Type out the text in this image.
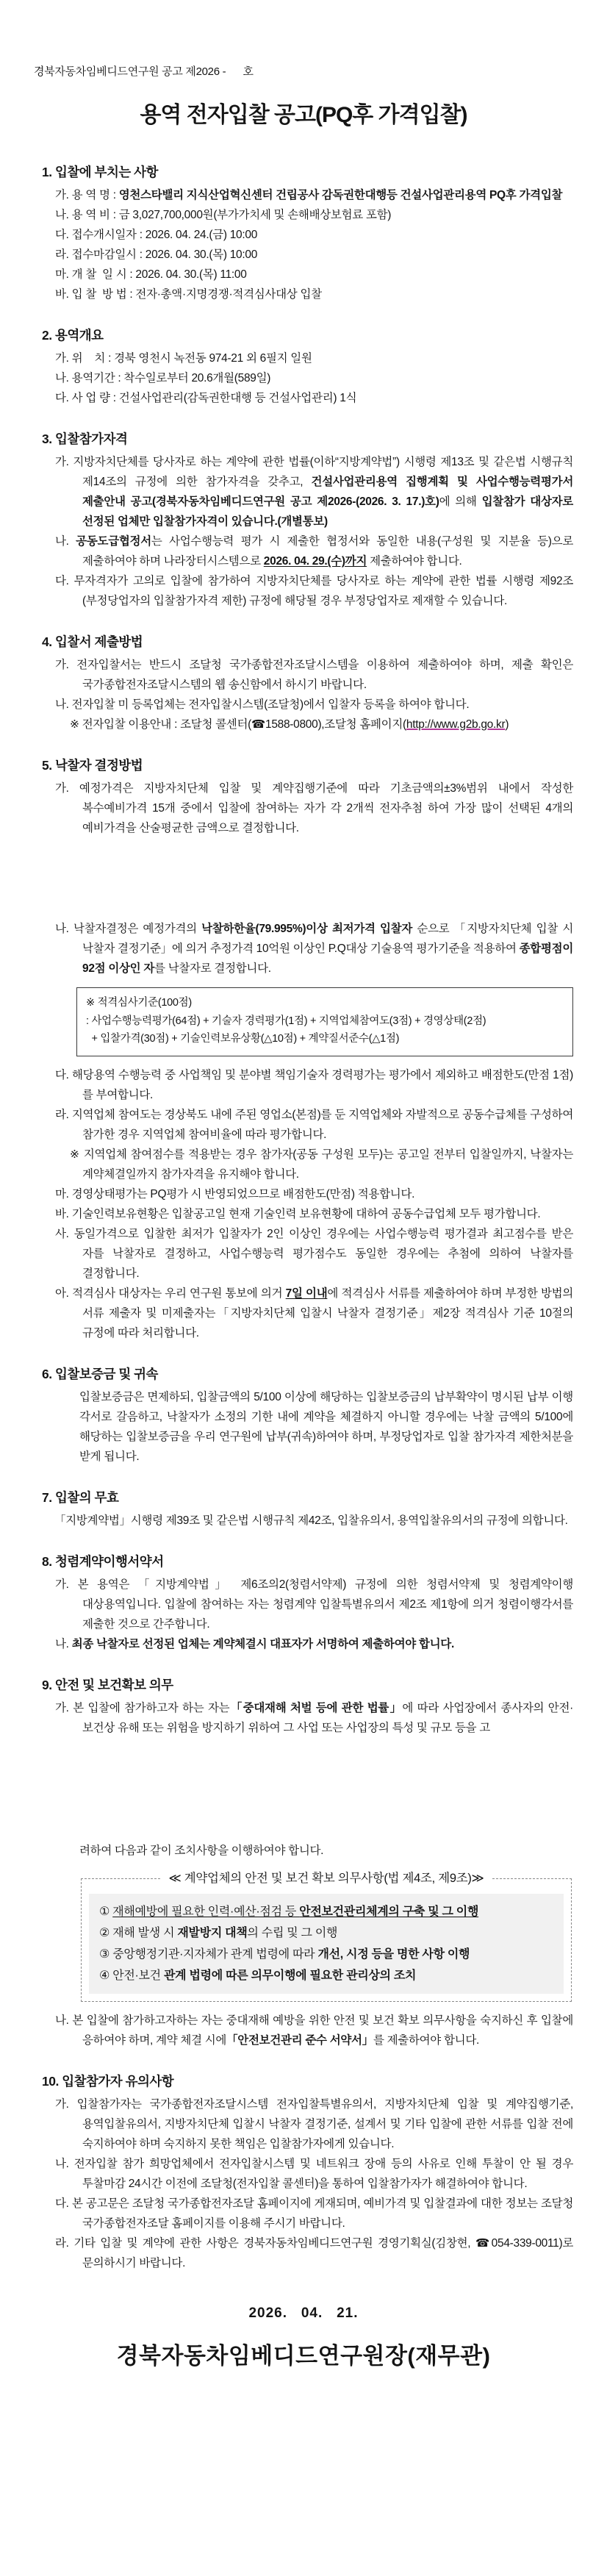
경북자동차임베디드연구원 공고 제2026 -      호
용역 전자입찰 공고(PQ후 가격입찰)
1. 입찰에 부치는 사항

가. 용 역 명 : 영천스타밸리 지식산업혁신센터 건립공사 감독권한대행등 건설사업관리용역 PQ후 가격입찰

나. 용 역 비 : 금 3,027,700,000원(부가가치세 및 손해배상보험료 포함)

다. 접수개시일자 : 2026. 04. 24.(금) 10:00

라. 접수마감일시 : 2026. 04. 30.(목) 10:00

마. 개 찰  일 시 : 2026. 04. 30.(목) 11:00

바. 입 찰  방 법 : 전자·총액·지명경쟁·적격심사대상 입찰

2. 용역개요

가. 위    치 : 경북 영천시 녹전동 974-21 외 6필지 일원

나. 용역기간 : 착수일로부터 20.6개월(589일)

다. 사 업 량 : 건설사업관리(감독권한대행 등 건설사업관리) 1식

3. 입찰참가자격

가. 지방자치단체를 당사자로 하는 계약에 관한 법률(이하“지방계약법”) 시행령 제13조 및 같은법 시행규칙 제14조의 규정에 의한 참가자격을 갖추고, 건설사업관리용역 집행계획 및 사업수행능력평가서 제출안내 공고(경북자동차임베디드연구원 공고 제2026-(2026. 3. 17.)호)에 의해 입찰참가 대상자로 선정된 업체만 입찰참가자격이 있습니다.(개별통보)

나. 공동도급협정서는 사업수행능력 평가 시 제출한 협정서와 동일한 내용(구성원 및 지분율 등)으로 제출하여야 하며 나라장터시스템으로 2026. 04. 29.(수)까지 제출하여야 합니다.

다. 무자격자가 고의로 입찰에 참가하여 지방자치단체를 당사자로 하는 계약에 관한 법률 시행령 제92조(부정당업자의 입찰참가자격 제한) 규정에 해당될 경우 부정당업자로 제재할 수 있습니다.

4. 입찰서 제출방법

가. 전자입찰서는 반드시 조달청 국가종합전자조달시스템을 이용하여 제출하여야 하며, 제출 확인은 국가종합전자조달시스템의 웹 송신함에서 하시기 바랍니다.

나. 전자입찰 미 등록업체는 전자입찰시스템(조달청)에서 입찰자 등록을 하여야 합니다.

※ 전자입찰 이용안내 : 조달청 콜센터(☎1588-0800),조달청 홈페이지(http://www.g2b.go.kr)

5. 낙찰자 결정방법

가. 예정가격은 지방자치단체 입찰 및 계약집행기준에 따라 기초금액의±3%범위 내에서 작성한 복수예비가격 15개 중에서 입찰에 참여하는 자가 각 2개씩 전자추첨 하여 가장 많이 선택된 4개의 예비가격을 산술평균한 금액으로 결정합니다.

나. 낙찰자결정은 예정가격의 낙찰하한율(79.995%)이상 최저가격 입찰자 순으로 「지방자치단체 입찰 시 낙찰자 결정기준」에 의거 추정가격 10억원 이상인 P.Q대상 기술용역 평가기준을 적용하여 종합평점이 92점 이상인 자를 낙찰자로 결정합니다.

※ 적격심사기준(100점)

: 사업수행능력평가(64점) + 기술자 경력평가(1점) + 지역업체참여도(3점) + 경영상태(2점)

+ 입찰가격(30점) + 기술인력보유상황(△10점) + 계약질서준수(△1점)

다. 해당용역 수행능력 중 사업책임 및 분야별 책임기술자 경력평가는 평가에서 제외하고 배점한도(만점 1점)를 부여합니다.

라. 지역업체 참여도는 경상북도 내에 주된 영업소(본점)를 둔 지역업체와 자발적으로 공동수급체를 구성하여 참가한 경우 지역업체 참여비율에 따라 평가합니다.

※ 지역업체 참여점수를 적용받는 경우 참가자(공동 구성원 모두)는 공고일 전부터 입찰일까지, 낙찰자는 계약체결일까지 참가자격을 유지해야 합니다.

마. 경영상태평가는 PQ평가 시 반영되었으므로 배점한도(만점) 적용합니다.

바. 기술인력보유현황은 입찰공고일 현재 기술인력 보유현황에 대하여 공동수급업체 모두 평가합니다.

사. 동일가격으로 입찰한 최저가 입찰자가 2인 이상인 경우에는 사업수행능력 평가결과 최고점수를 받은 자를 낙찰자로 결정하고, 사업수행능력 평가점수도 동일한 경우에는 추첨에 의하여 낙찰자를 결정합니다.

아. 적격심사 대상자는 우리 연구원 통보에 의거 7일 이내에 적격심사 서류를 제출하여야 하며 부정한 방법의 서류 제출자 및 미제출자는「지방자치단체 입찰시 낙찰자 결정기준」제2장 적격심사 기준 10절의 규정에 따라 처리합니다.

6. 입찰보증금 및 귀속

입찰보증금은 면제하되, 입찰금액의 5/100 이상에 해당하는 입찰보증금의 납부확약이 명시된 납부 이행 각서로 갈음하고, 낙찰자가 소정의 기한 내에 계약을 체결하지 아니할 경우에는 낙찰 금액의 5/100에 해당하는 입찰보증금을 우리 연구원에 납부(귀속)하여야 하며, 부정당업자로 입찰 참가자격 제한처분을 받게 됩니다.

7. 입찰의 무효

「지방계약법」시행령 제39조 및 같은법 시행규칙 제42조, 입찰유의서, 용역입찰유의서의 규정에 의합니다.

8. 청렴계약이행서약서

가. 본 용역은 「지방계약법」 제6조의2(청렴서약제) 규정에 의한 청렴서약제 및 청렴계약이행 대상용역입니다. 입찰에 참여하는 자는 청렴계약 입찰특별유의서 제2조 제1항에 의거 청렴이행각서를 제출한 것으로 간주합니다.

나. 최종 낙찰자로 선정된 업체는 계약체결시 대표자가 서명하여 제출하여야 합니다.

9. 안전 및 보건확보 의무

가. 본 입찰에 참가하고자 하는 자는「중대재해 처벌 등에 관한 법률」에 따라 사업장에서 종사자의 안전·보건상 유해 또는 위험을 방지하기 위하여 그 사업 또는 사업장의 특성 및 규모 등을 고

려하여 다음과 같이 조치사항을 이행하여야 합니다.

≪ 계약업체의 안전 및 보건 확보 의무사항(법 제4조, 제9조)≫

① 재해예방에 필요한 인력·예산·점검 등 안전보건관리체계의 구축 및 그 이행

② 재해 발생 시 재발방지 대책의 수립 및 그 이행

③ 중앙행정기관·지자체가 관계 법령에 따라 개선, 시정 등을 명한 사항 이행

④ 안전·보건 관계 법령에 따른 의무이행에 필요한 관리상의 조치

나. 본 입찰에 참가하고자하는 자는 중대재해 예방을 위한 안전 및 보건 확보 의무사항을 숙지하신 후 입찰에 응하여야 하며, 계약 체결 시에「안전보건관리 준수 서약서」를 제출하여야 합니다.

10. 입찰참가자 유의사항

가. 입찰참가자는 국가종합전자조달시스템 전자입찰특별유의서, 지방자치단체 입찰 및 계약집행기준, 용역입찰유의서, 지방자치단체 입찰시 낙찰자 결정기준, 설계서 및 기타 입찰에 관한 서류를 입찰 전에 숙지하여야 하며 숙지하지 못한 책임은 입찰참가자에게 있습니다.

나. 전자입찰 참가 희망업체에서 전자입찰시스템 및 네트워크 장애 등의 사유로 인해 투찰이 안 될 경우 투찰마감 24시간 이전에 조달청(전자입찰 콜센터)을 통하여 입찰참가자가 해결하여야 합니다.

다. 본 공고문은 조달청 국가종합전자조달 홈페이지에 게재되며, 예비가격 및 입찰결과에 대한 정보는 조달청 국가종합전자조달 홈페이지를 이용해 주시기 바랍니다.

라. 기타 입찰 및 계약에 관한 사항은 경북자동차임베디드연구원 경영기획실(김창현, ☎054-339-0011)로 문의하시기 바랍니다.

2026.   04.   21.
경북자동차임베디드연구원장(재무관)
